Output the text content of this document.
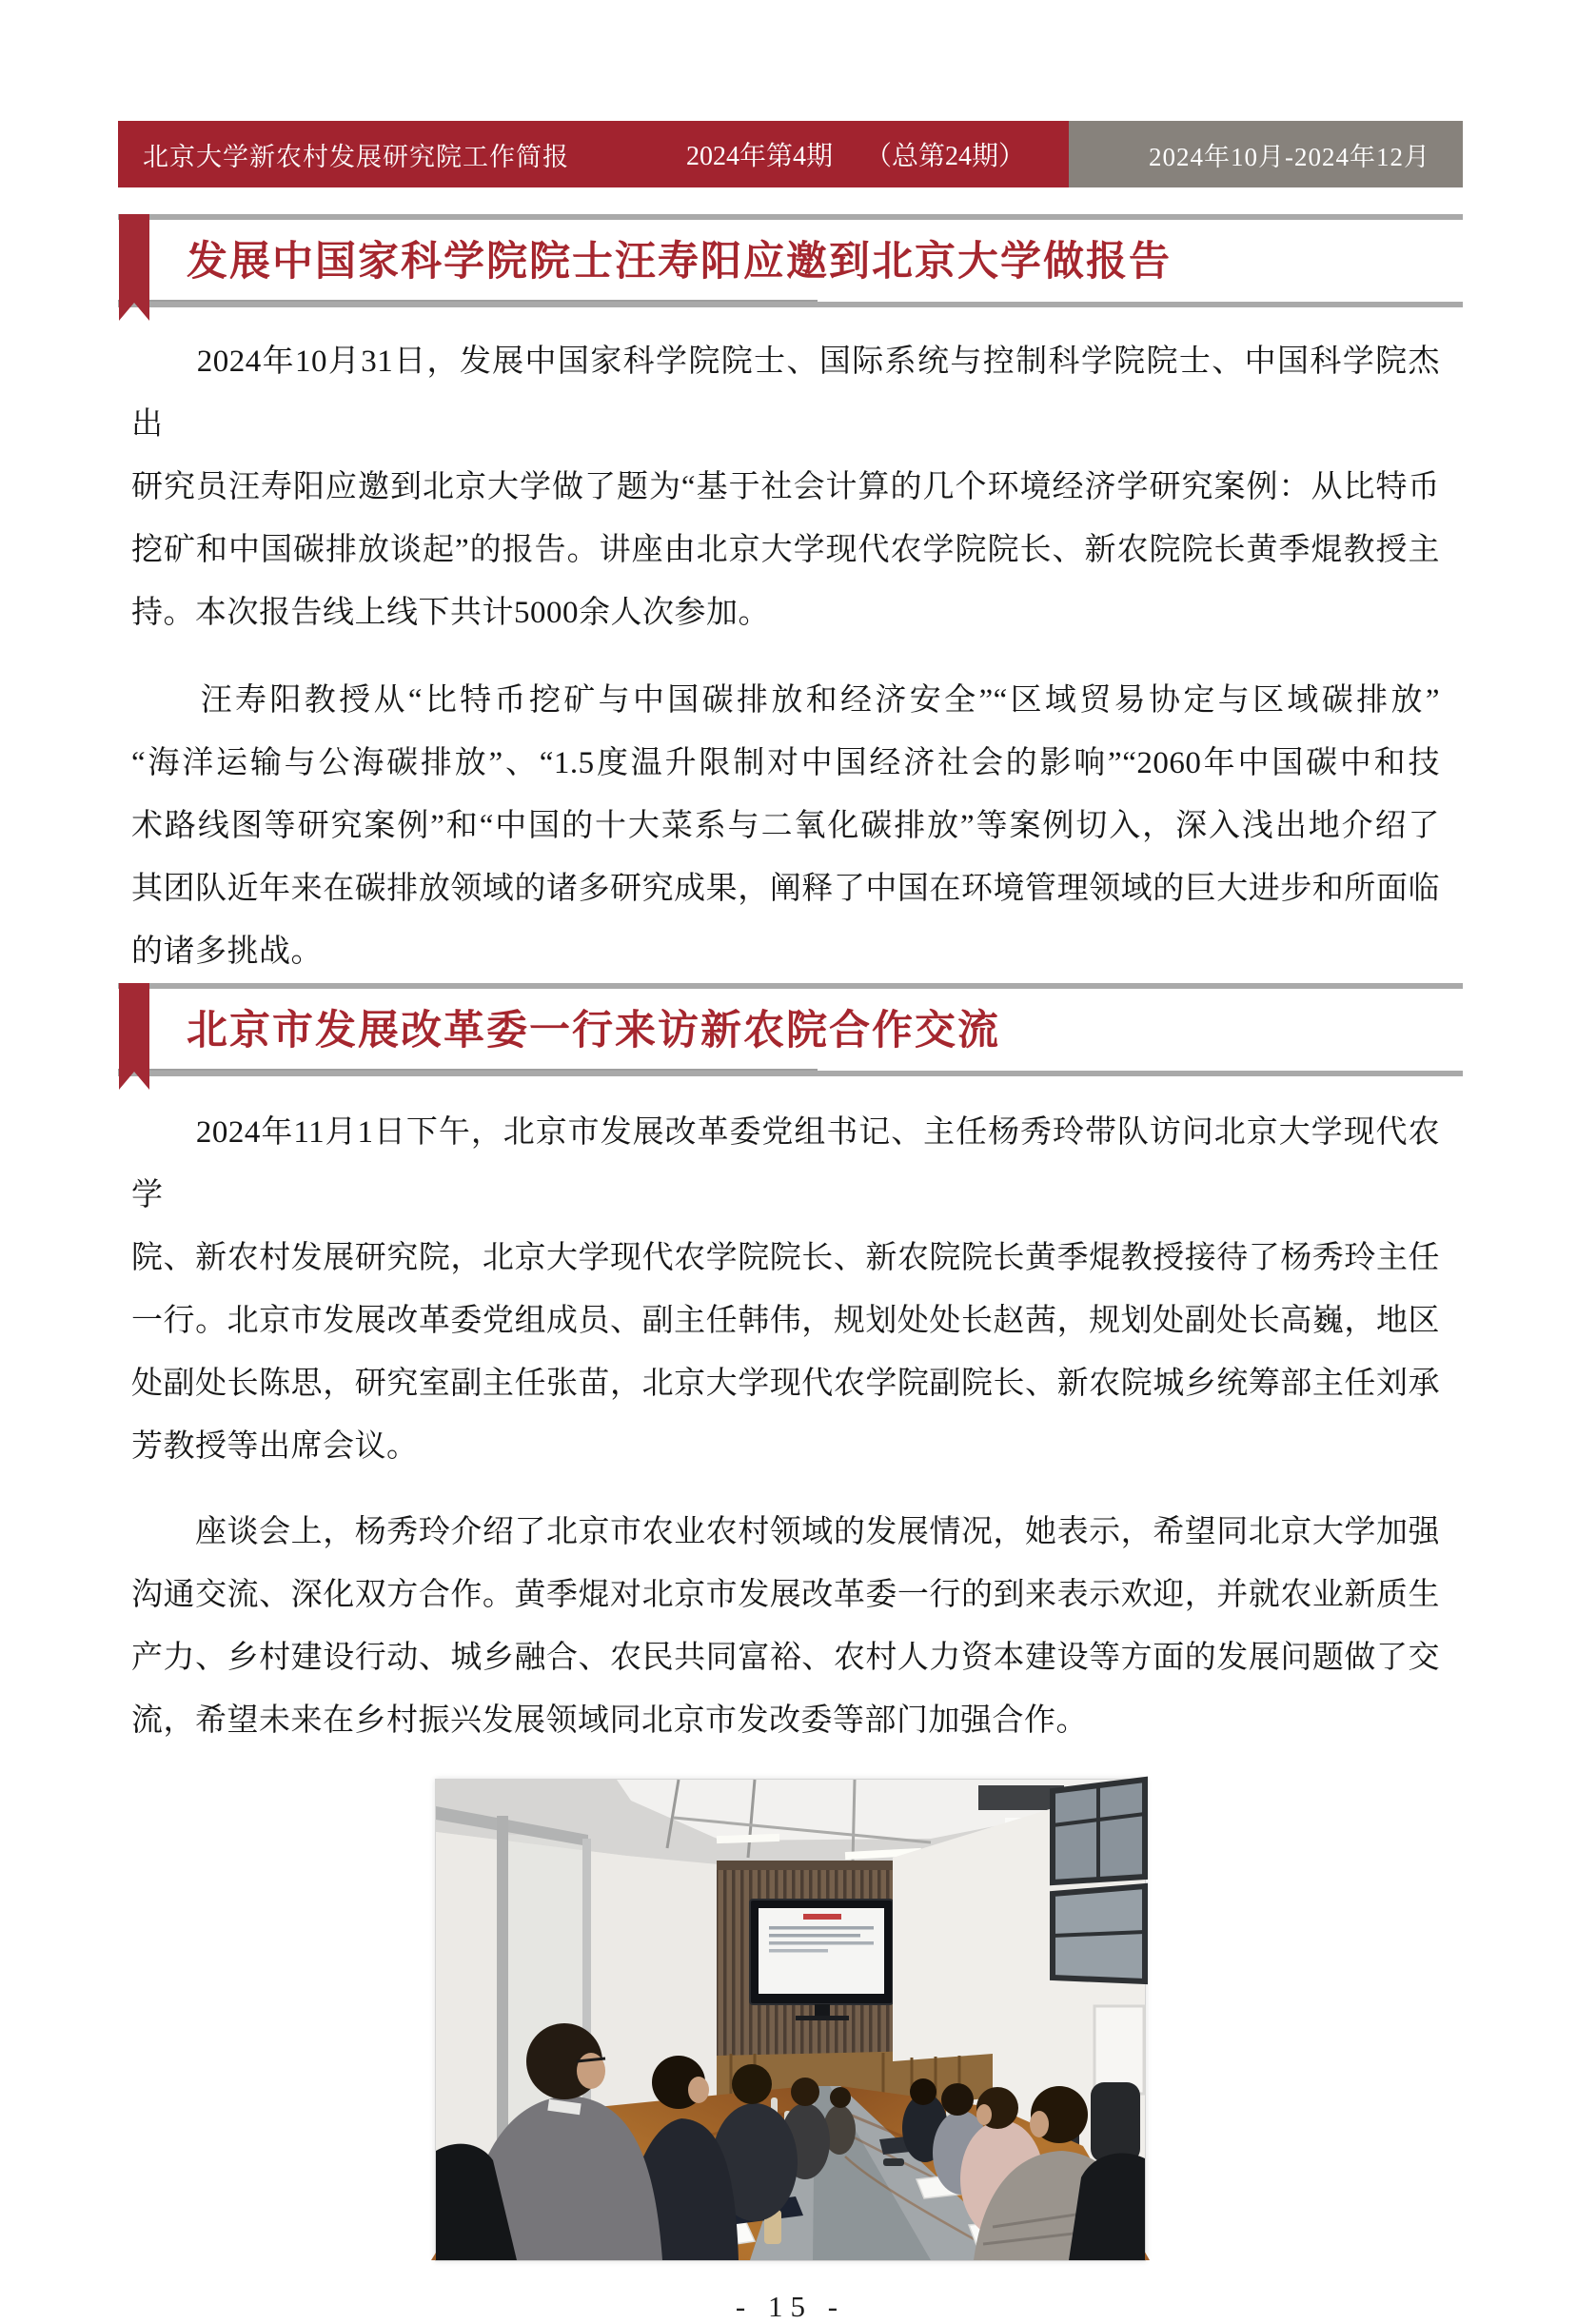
北京大学新农村发展研究院工作简报	2024年第4期 （总第24期）	2024年10月-2024年12月
发展中国家科学院院士汪寿阳应邀到北京大学做报告
　　2024年10月31日，发展中国家科学院院士、国际系统与控制科学院院士、中国科学院杰出
研究员汪寿阳应邀到北京大学做了题为“基于社会计算的几个环境经济学研究案例：从比特币
挖矿和中国碳排放谈起”的报告。讲座由北京大学现代农学院院长、新农院院长黄季焜教授主
持。本次报告线上线下共计5000余人次参加。
　　汪寿阳教授从“比特币挖矿与中国碳排放和经济安全”“区域贸易协定与区域碳排放”
“海洋运输与公海碳排放”、“1.5度温升限制对中国经济社会的影响”“2060年中国碳中和技
术路线图等研究案例”和“中国的十大菜系与二氧化碳排放”等案例切入，深入浅出地介绍了
其团队近年来在碳排放领域的诸多研究成果，阐释了中国在环境管理领域的巨大进步和所面临
的诸多挑战。
北京市发展改革委一行来访新农院合作交流
　　2024年11月1日下午，北京市发展改革委党组书记、主任杨秀玲带队访问北京大学现代农学
院、新农村发展研究院，北京大学现代农学院院长、新农院院长黄季焜教授接待了杨秀玲主任
一行。北京市发展改革委党组成员、副主任韩伟，规划处处长赵茜，规划处副处长高巍，地区
处副处长陈思，研究室副主任张苗，北京大学现代农学院副院长、新农院城乡统筹部主任刘承
芳教授等出席会议。
　　座谈会上，杨秀玲介绍了北京市农业农村领域的发展情况，她表示，希望同北京大学加强
沟通交流、深化双方合作。黄季焜对北京市发展改革委一行的到来表示欢迎，并就农业新质生
产力、乡村建设行动、城乡融合、农民共同富裕、农村人力资本建设等方面的发展问题做了交
流，希望未来在乡村振兴发展领域同北京市发改委等部门加强合作。
- 15 -
